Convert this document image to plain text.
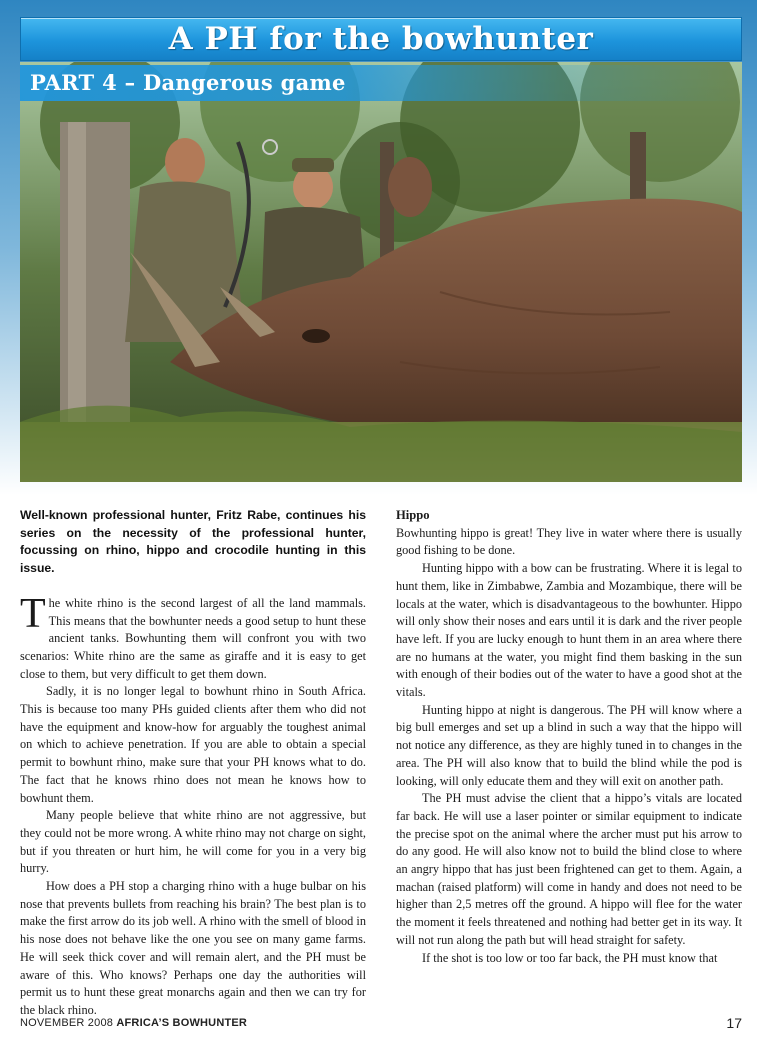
A PH for the bowhunter
PART 4 – Dangerous game
Well-known professional hunter, Fritz Rabe, continues his series on the necessity of the professional hunter, focussing on rhino, hippo and crocodile hunting in this issue.

The white rhino is the second largest of all the land mammals. This means that the bowhunter needs a good setup to hunt these ancient tanks. Bowhunting them will confront you with two scenarios: White rhino are the same as giraffe and it is easy to get close to them, but very difficult to get them down.

Sadly, it is no longer legal to bowhunt rhino in South Africa. This is because too many PHs guided clients after them who did not have the equipment and know-how for arguably the toughest animal on which to achieve penetration. If you are able to obtain a special permit to bowhunt rhino, make sure that your PH knows what to do. The fact that he knows rhino does not mean he knows how to bowhunt them.

Many people believe that white rhino are not aggressive, but they could not be more wrong. A white rhino may not charge on sight, but if you threaten or hurt him, he will come for you in a very big hurry.

How does a PH stop a charging rhino with a huge bulbar on his nose that prevents bullets from reaching his brain? The best plan is to make the first arrow do its job well. A rhino with the smell of blood in his nose does not behave like the one you see on many game farms. He will seek thick cover and will remain alert, and the PH must be aware of this. Who knows? Perhaps one day the authorities will permit us to hunt these great monarchs again and then we can try for the black rhino.

Hippo

Bowhunting hippo is great! They live in water where there is usually good fishing to be done.

Hunting hippo with a bow can be frustrating. Where it is legal to hunt them, like in Zimbabwe, Zambia and Mozambique, there will be locals at the water, which is disadvantageous to the bowhunter. Hippo will only show their noses and ears until it is dark and the river people have left. If you are lucky enough to hunt them in an area where there are no humans at the water, you might find them basking in the sun with enough of their bodies out of the water to have a good shot at the vitals.

Hunting hippo at night is dangerous. The PH will know where a big bull emerges and set up a blind in such a way that the hippo will not notice any difference, as they are highly tuned in to changes in the area. The PH will also know that to build the blind while the pod is looking, will only educate them and they will exit on another path.

The PH must advise the client that a hippo’s vitals are located far back. He will use a laser pointer or similar equipment to indicate the precise spot on the animal where the archer must put his arrow to do any good. He will also know not to build the blind close to where an angry hippo that has just been frightened can get to them. Again, a machan (raised platform) will come in handy and does not need to be higher than 2,5 metres off the ground. A hippo will flee for the water the moment it feels threatened and nothing had better get in its way. It will not run along the path but will head straight for safety.

If the shot is too low or too far back, the PH must know that

NOVEMBER 2008 AFRICA’S BOWHUNTER	17
